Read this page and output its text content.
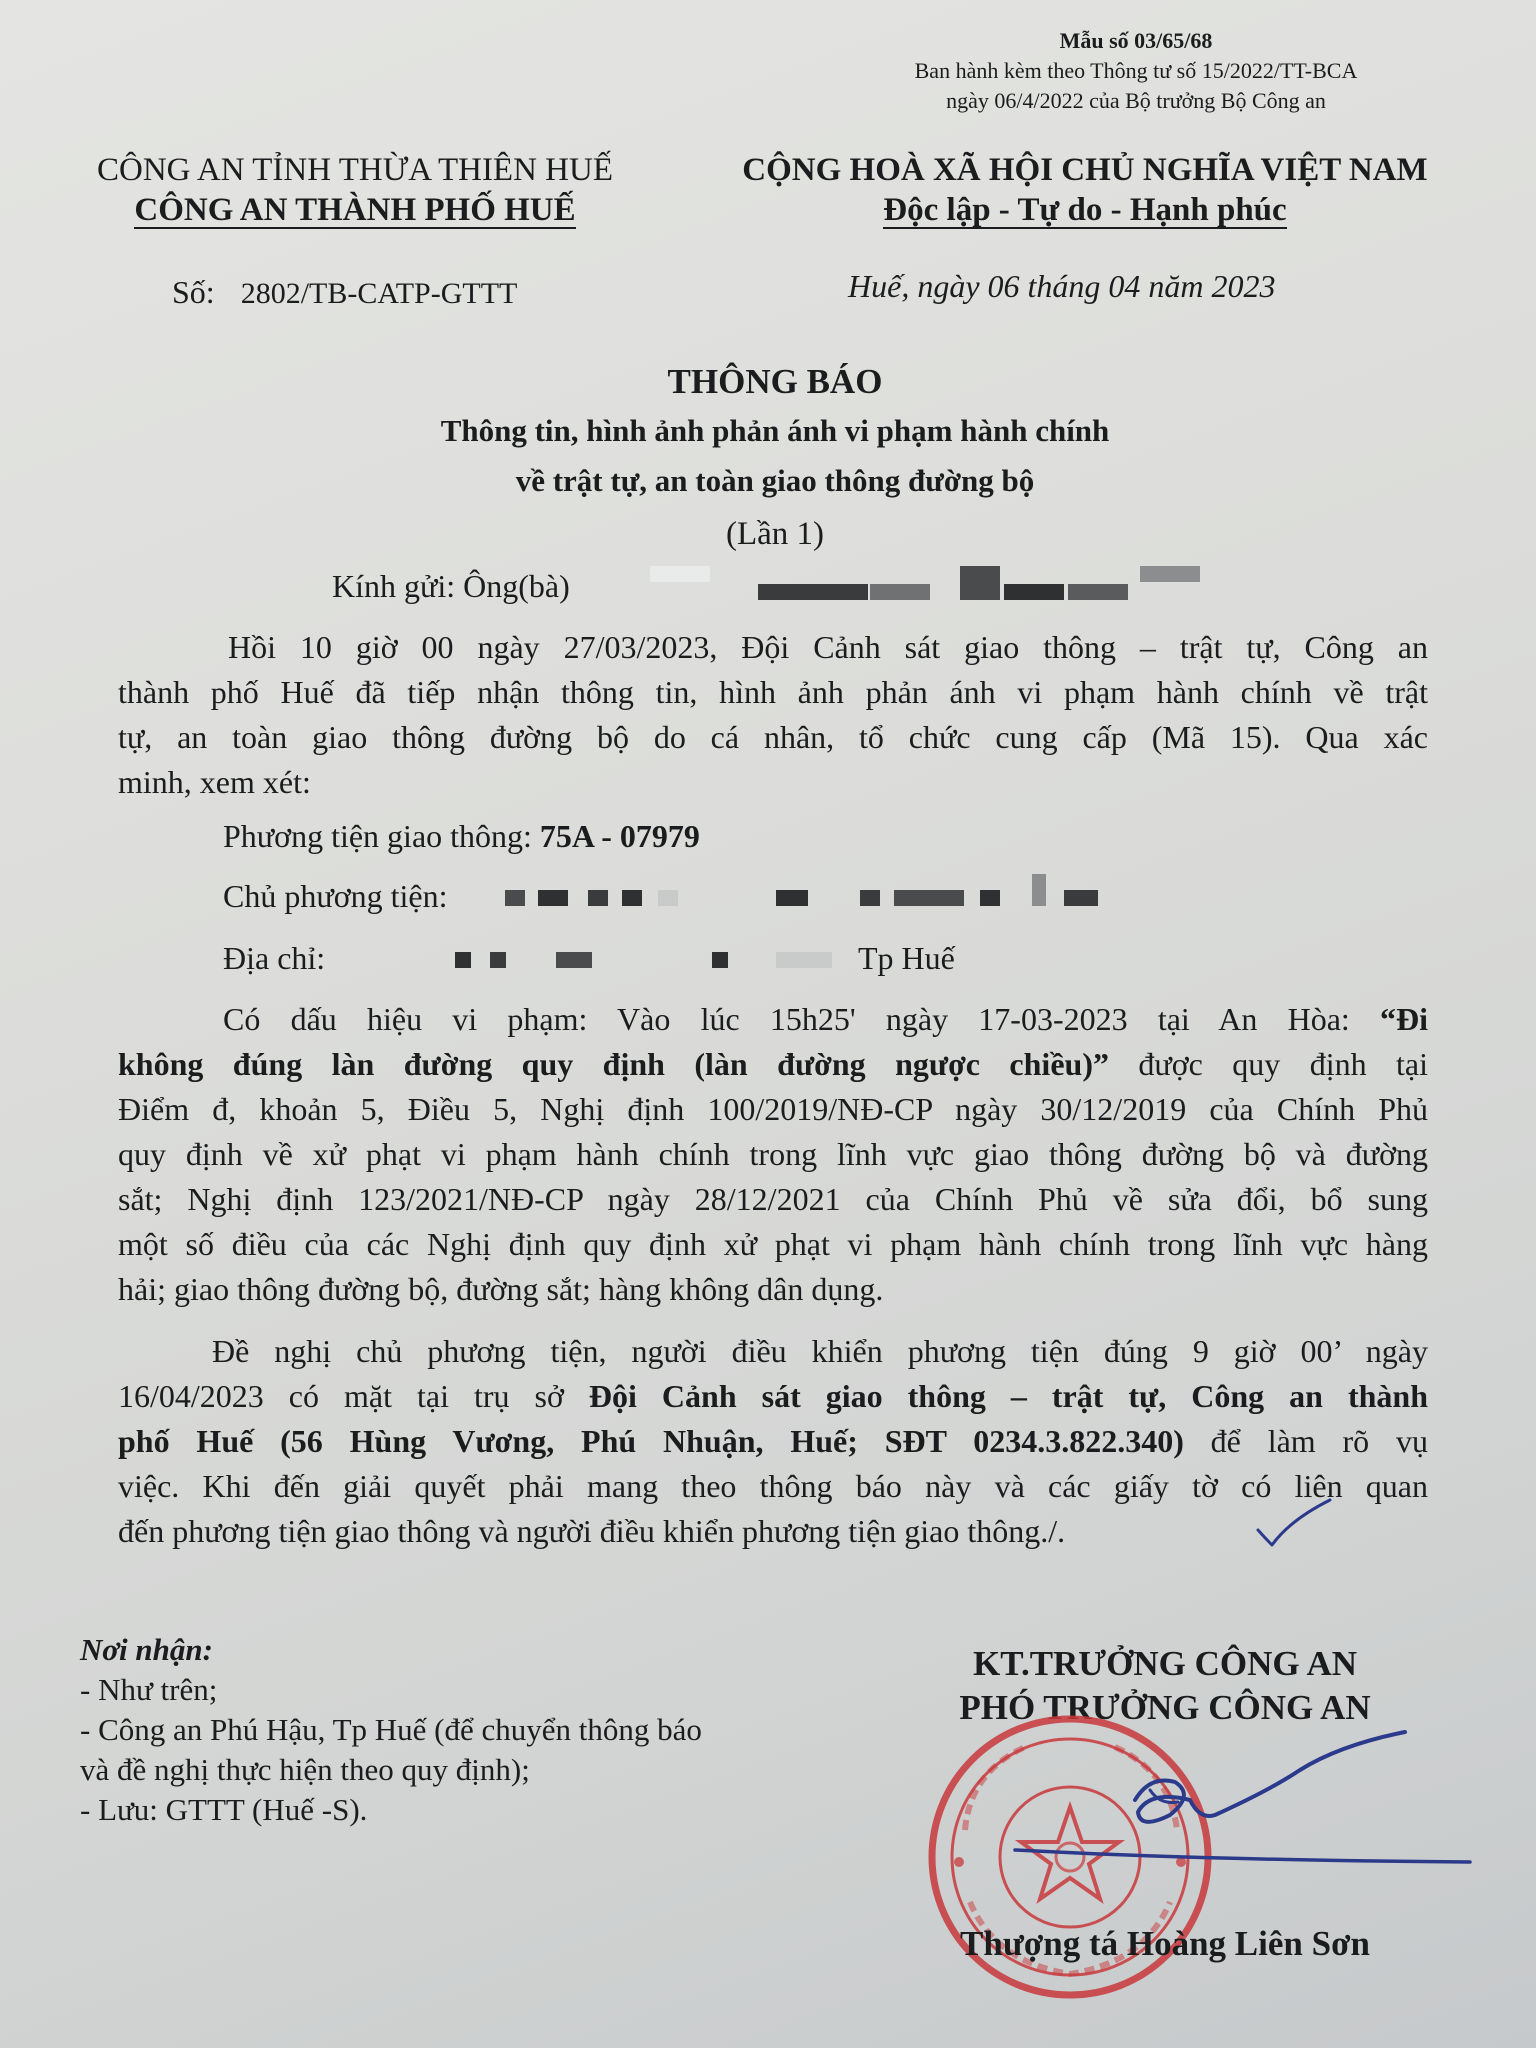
Mẫu số 03/65/68
Ban hành kèm theo Thông tư số 15/2022/TT-BCA
ngày 06/4/2022 của Bộ trưởng Bộ Công an
CÔNG AN TỈNH THỪA THIÊN HUẾ
CÔNG AN THÀNH PHỐ HUẾ
Số: 2802/TB-CATP-GTTT
CỘNG HOÀ XÃ HỘI CHỦ NGHĨA VIỆT NAM
Độc lập - Tự do - Hạnh phúc
Huế, ngày 06 tháng 04 năm 2023
THÔNG BÁO
Thông tin, hình ảnh phản ánh vi phạm hành chính
về trật tự, an toàn giao thông đường bộ
(Lần 1)
Kính gửi: Ông(bà)
Hồi 10 giờ 00 ngày 27/03/2023, Đội Cảnh sát giao thông – trật tự, Công an
thành phố Huế đã tiếp nhận thông tin, hình ảnh phản ánh vi phạm hành chính về trật
tự, an toàn giao thông đường bộ do cá nhân, tổ chức cung cấp (Mã 15). Qua xác
minh, xem xét:
Phương tiện giao thông: 75A - 07979
Chủ phương tiện:
Địa chỉ:	Tp Huế
Có dấu hiệu vi phạm: Vào lúc 15h25' ngày 17-03-2023 tại An Hòa: “Đi
không đúng làn đường quy định (làn đường ngược chiều)” được quy định tại
Điểm đ, khoản 5, Điều 5, Nghị định 100/2019/NĐ-CP ngày 30/12/2019 của Chính Phủ
quy định về xử phạt vi phạm hành chính trong lĩnh vực giao thông đường bộ và đường
sắt; Nghị định 123/2021/NĐ-CP ngày 28/12/2021 của Chính Phủ về sửa đổi, bổ sung
một số điều của các Nghị định quy định xử phạt vi phạm hành chính trong lĩnh vực hàng
hải; giao thông đường bộ, đường sắt; hàng không dân dụng.
Đề nghị chủ phương tiện, người điều khiển phương tiện đúng 9 giờ 00’ ngày
16/04/2023 có mặt tại trụ sở Đội Cảnh sát giao thông – trật tự, Công an thành
phố Huế (56 Hùng Vương, Phú Nhuận, Huế; SĐT 0234.3.822.340) để làm rõ vụ
việc. Khi đến giải quyết phải mang theo thông báo này và các giấy tờ có liên quan
đến phương tiện giao thông và người điều khiển phương tiện giao thông./.
Nơi nhận:
- Như trên;
- Công an Phú Hậu, Tp Huế (để chuyển thông báo
và đề nghị thực hiện theo quy định);
- Lưu: GTTT (Huế -S).
KT.TRƯỞNG CÔNG AN
PHÓ TRƯỞNG CÔNG AN
Thượng tá Hoàng Liên Sơn
